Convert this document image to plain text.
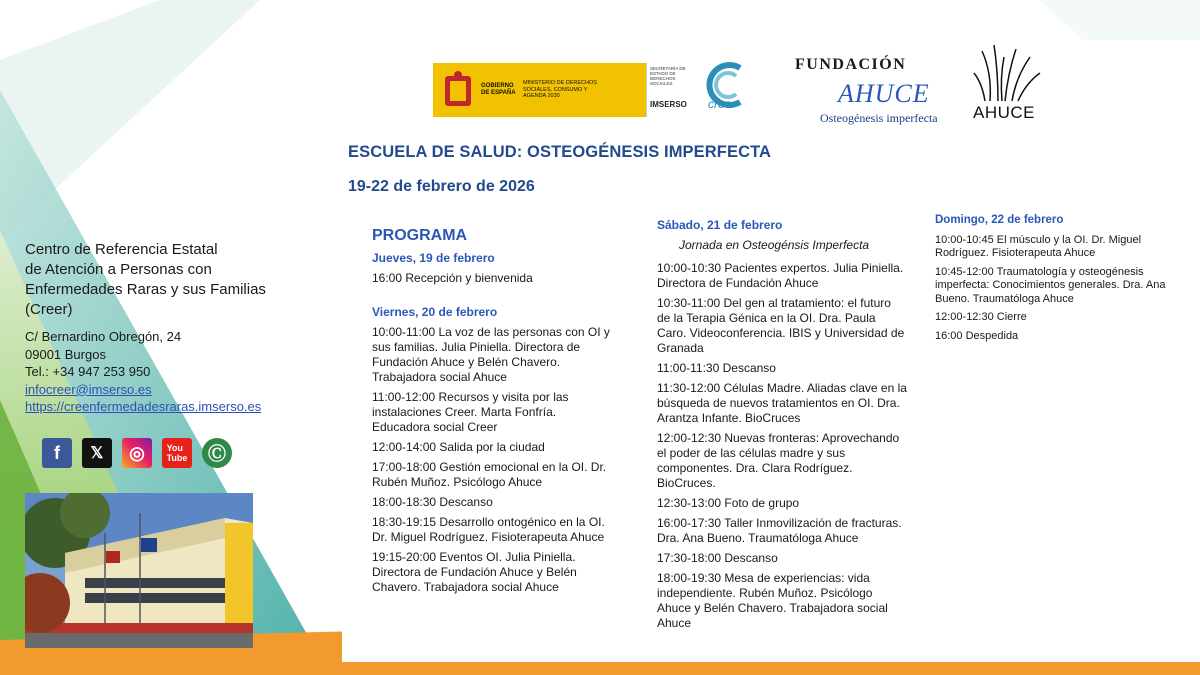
Centro de Referencia Estatal
de Atención a Personas con
Enfermedades Raras y sus Familias
(Creer)
C/ Bernardino Obregón, 24
09001 Burgos
Tel.: +34 947 253 950
infocreer@imserso.es
https://creenfermedadesraras.imserso.es
f	𝕏	◎	You
Tube	Ⓒ
GOBIERNO DE ESPAÑA
MINISTERIO DE DERECHOS SOCIALES, CONSUMO Y AGENDA 2030
SECRETARÍA DE ESTADO DE DERECHOS SOCIALES
IMSERSO creer
FUNDACIÓN
AHUCE
Osteogénesis imperfecta AHUCE
ESCUELA DE SALUD: OSTEOGÉNESIS IMPERFECTA
19-22 de febrero de 2026
PROGRAMA
Jueves, 19 de febrero
16:00 Recepción y bienvenida
Viernes, 20 de febrero
10:00-11:00 La voz de las personas con OI y sus familias. Julia Piniella. Directora de Fundación Ahuce y Belén Chavero. Trabajadora social Ahuce
11:00-12:00 Recursos y visita por las instalaciones Creer. Marta Fonfría. Educadora social Creer
12:00-14:00 Salida por la ciudad
17:00-18:00 Gestión emocional en la OI. Dr. Rubén Muñoz. Psicólogo Ahuce
18:00-18:30 Descanso
18:30-19:15 Desarrollo ontogénico en la OI. Dr. Miguel Rodríguez. Fisioterapeuta Ahuce
19:15-20:00 Eventos OI. Julia Piniella. Directora de Fundación Ahuce y Belén Chavero. Trabajadora social Ahuce
Sábado, 21 de febrero
Jornada en Osteogénsis Imperfecta
10:00-10:30 Pacientes expertos. Julia Piniella. Directora de Fundación Ahuce
10:30-11:00 Del gen al tratamiento: el futuro de la Terapia Génica en la OI. Dra. Paula Caro. Videoconferencia. IBIS y Universidad de Granada
11:00-11:30 Descanso
11:30-12:00 Células Madre. Aliadas clave en la búsqueda de nuevos tratamientos en OI. Dra. Arantza Infante. BioCruces
12:00-12:30 Nuevas fronteras: Aprovechando el poder de las células madre y sus componentes. Dra. Clara Rodríguez. BioCruces.
12:30-13:00 Foto de grupo
16:00-17:30 Taller Inmovilización de fracturas. Dra. Ana Bueno. Traumatóloga Ahuce
17:30-18:00 Descanso
18:00-19:30 Mesa de experiencias: vida independiente. Rubén Muñoz. Psicólogo Ahuce y Belén Chavero. Trabajadora social Ahuce
Domingo, 22 de febrero
10:00-10:45 El músculo y la OI. Dr. Miguel Rodríguez. Fisioterapeuta Ahuce
10:45-12:00 Traumatología y osteogénesis imperfecta: Conocimientos generales. Dra. Ana Bueno. Traumatóloga Ahuce
12:00-12:30 Cierre
16:00 Despedida
